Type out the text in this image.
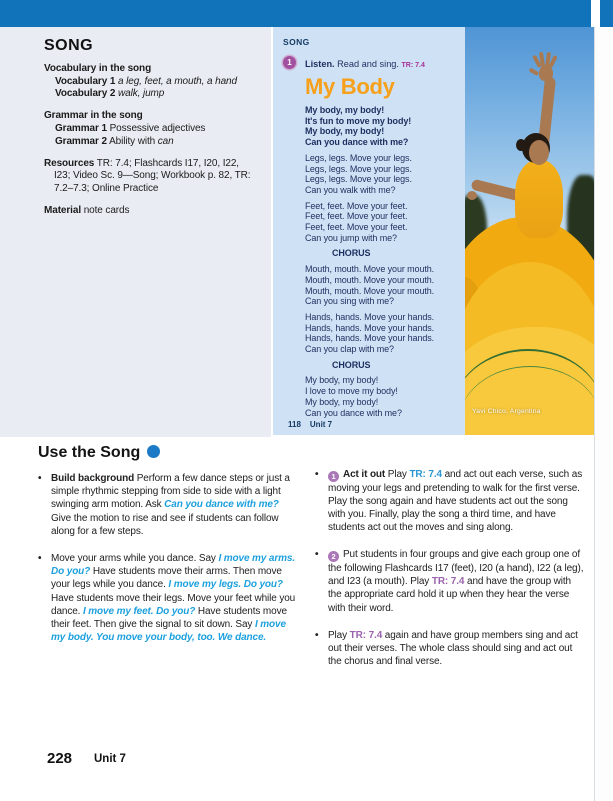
SONG
Vocabulary in the song
Vocabulary 1 a leg, feet, a mouth, a hand
Vocabulary 2 walk, jump
Grammar in the song
Grammar 1 Possessive adjectives
Grammar 2 Ability with can
Resources TR: 7.4; Flashcards I17, I20, I22, I23; Video Sc. 9—Song; Workbook p. 82, TR: 7.2–7.3; Online Practice
Material note cards
SONG
1	Listen. Read and sing. TR: 7.4
My Body
My body, my body!
It's fun to move my body!
My body, my body!
Can you dance with me?
Legs, legs. Move your legs.
Legs, legs. Move your legs.
Legs, legs. Move your legs.
Can you walk with me?
Feet, feet. Move your feet.
Feet, feet. Move your feet.
Feet, feet. Move your feet.
Can you jump with me?
CHORUS
Mouth, mouth. Move your mouth.
Mouth, mouth. Move your mouth.
Mouth, mouth. Move your mouth.
Can you sing with me?
Hands, hands. Move your hands.
Hands, hands. Move your hands.
Hands, hands. Move your hands.
Can you clap with me?
CHORUS
My body, my body!
I love to move my body!
My body, my body!
Can you dance with me?
118 Unit 7
Yavi Chico, Argentina
Use the Song
• Build background Perform a few dance steps or just a simple rhythmic stepping from side to side with a light swinging arm motion. Ask Can you dance with me? Give the motion to rise and see if students can follow along for a few steps.
• Move your arms while you dance. Say I move my arms. Do you? Have students move their arms. Then move your legs while you dance. I move my legs. Do you? Have students move their legs. Move your feet while you dance. I move my feet. Do you? Have students move their feet. Then give the signal to sit down. Say I move my body. You move your body, too. We dance.
• 1 Act it out Play TR: 7.4 and act out each verse, such as moving your legs and pretending to walk for the first verse. Play the song again and have students act out the song with you. Finally, play the song a third time, and have students act out the moves and sing along.
• 2 Put students in four groups and give each group one of the following Flashcards I17 (feet), I20 (a hand), I22 (a leg), and I23 (a mouth). Play TR: 7.4 and have the group with the appropriate card hold it up when they hear the verse with their word.
• Play TR: 7.4 again and have group members sing and act out their verses. The whole class should sing and act out the chorus and final verse.
228 Unit 7
